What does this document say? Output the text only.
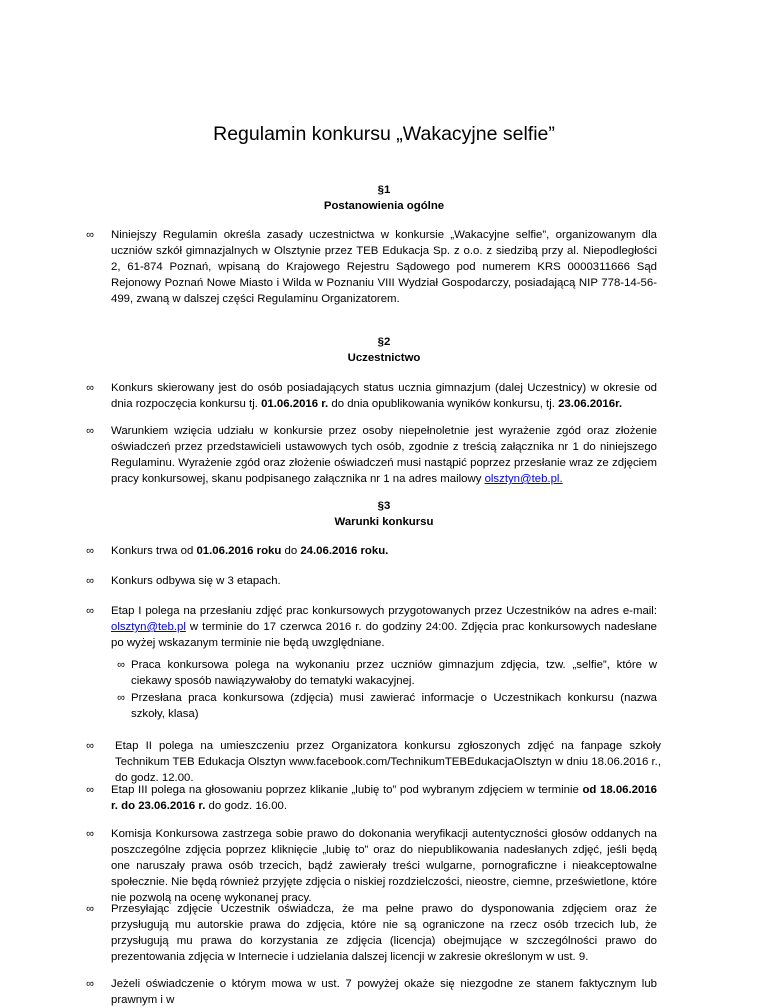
Regulamin konkursu „Wakacyjne selfie”
§1
Postanowienia ogólne
∞ Niniejszy Regulamin określa zasady uczestnictwa w konkursie „Wakacyjne selfie”, organizowanym dla uczniów szkół gimnazjalnych w Olsztynie przez TEB Edukacja Sp. z o.o. z siedzibą przy al. Niepodległości 2, 61-874 Poznań, wpisaną do Krajowego Rejestru Sądowego pod numerem KRS 0000311666 Sąd Rejonowy Poznań Nowe Miasto i Wilda w Poznaniu VIII Wydział Gospodarczy, posiadającą NIP 778-14-56-499, zwaną w dalszej części Regulaminu Organizatorem.
§2
Uczestnictwo
∞ Konkurs skierowany jest do osób posiadających status ucznia gimnazjum (dalej Uczestnicy) w okresie od dnia rozpoczęcia konkursu tj. 01.06.2016 r. do dnia opublikowania wyników konkursu, tj. 23.06.2016r.
∞ Warunkiem wzięcia udziału w konkursie przez osoby niepełnoletnie jest wyrażenie zgód oraz złożenie oświadczeń przez przedstawicieli ustawowych tych osób, zgodnie z treścią załącznika nr 1 do niniejszego Regulaminu. Wyrażenie zgód oraz złożenie oświadczeń musi nastąpić poprzez przesłanie wraz ze zdjęciem pracy konkursowej, skanu podpisanego załącznika nr 1 na adres mailowy olsztyn@teb.pl.
§3
Warunki konkursu
∞ Konkurs trwa od 01.06.2016 roku do 24.06.2016 roku.
∞ Konkurs odbywa się w 3 etapach.
∞ Etap I polega na przesłaniu zdjęć prac konkursowych przygotowanych przez Uczestników na adres e-mail: olsztyn@teb.pl w terminie do 17 czerwca 2016 r. do godziny 24:00. Zdjęcia prac konkursowych nadesłane po wyżej wskazanym terminie nie będą uwzględniane.
∞ Praca konkursowa polega na wykonaniu przez uczniów gimnazjum zdjęcia, tzw. „selfie”, które w ciekawy sposób nawiązywałoby do tematyki wakacyjnej.
∞ Przesłana praca konkursowa (zdjęcia) musi zawierać informacje o Uczestnikach konkursu (nazwa szkoły, klasa)
∞ Etap II polega na umieszczeniu przez Organizatora konkursu zgłoszonych zdjęć na fanpage szkoły Technikum TEB Edukacja Olsztyn www.facebook.com/TechnikumTEBEdukacjaOlsztyn w dniu 18.06.2016 r., do godz. 12.00.
∞ Etap III polega na głosowaniu poprzez klikanie „lubię to” pod wybranym zdjęciem w terminie od 18.06.2016 r. do 23.06.2016 r. do godz. 16.00.
∞ Komisja Konkursowa zastrzega sobie prawo do dokonania weryfikacji autentyczności głosów oddanych na poszczególne zdjęcia poprzez kliknięcie „lubię to” oraz do niepublikowania nadesłanych zdjęć, jeśli będą one naruszały prawa osób trzecich, bądź zawierały treści wulgarne, pornograficzne i nieakceptowalne społecznie. Nie będą również przyjęte zdjęcia o niskiej rozdzielczości, nieostre, ciemne, prześwietlone, które nie pozwolą na ocenę wykonanej pracy.
∞ Przesyłając zdjęcie Uczestnik oświadcza, że ma pełne prawo do dysponowania zdjęciem oraz że przysługują mu autorskie prawa do zdjęcia, które nie są ograniczone na rzecz osób trzecich lub, że przysługują mu prawa do korzystania ze zdjęcia (licencja) obejmujące w szczególności prawo do prezentowania zdjęcia w Internecie i udzielania dalszej licencji w zakresie określonym w ust. 9.
∞ Jeżeli oświadczenie o którym mowa w ust. 7 powyżej okaże się niezgodne ze stanem faktycznym lub prawnym i w
